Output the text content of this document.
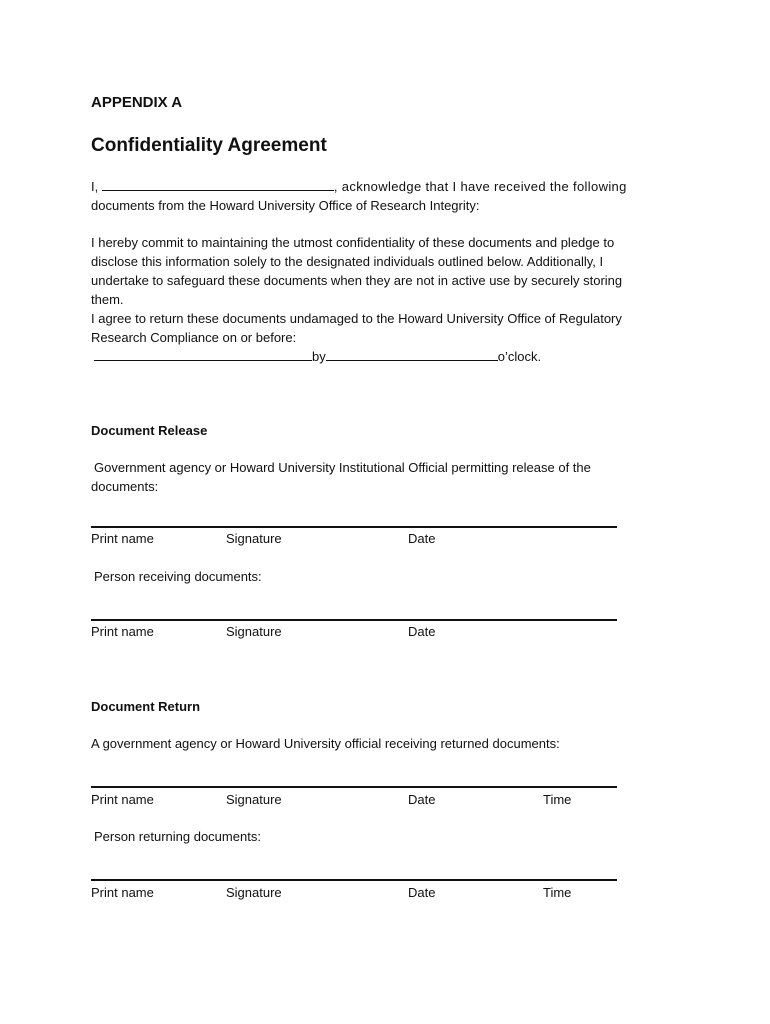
APPENDIX A

Confidentiality Agreement

I,	, acknowledge that I have received the following
documents from the Howard University Office of Research Integrity:
I hereby commit to maintaining the utmost confidentiality of these documents and pledge to
disclose this information solely to the designated individuals outlined below. Additionally, I
undertake to safeguard these documents when they are not in active use by securely storing
them.
I agree to return these documents undamaged to the Howard University Office of Regulatory
Research Compliance on or before:
by	o’clock.

Document Release

Government agency or Howard University Institutional Official permitting release of the
documents:
Print name	Signature	Date
Person receiving documents:
Print name	Signature	Date

Document Return

A government agency or Howard University official receiving returned documents:
Print name	Signature	Date	Time
Person returning documents:
Print name	Signature	Date	Time
